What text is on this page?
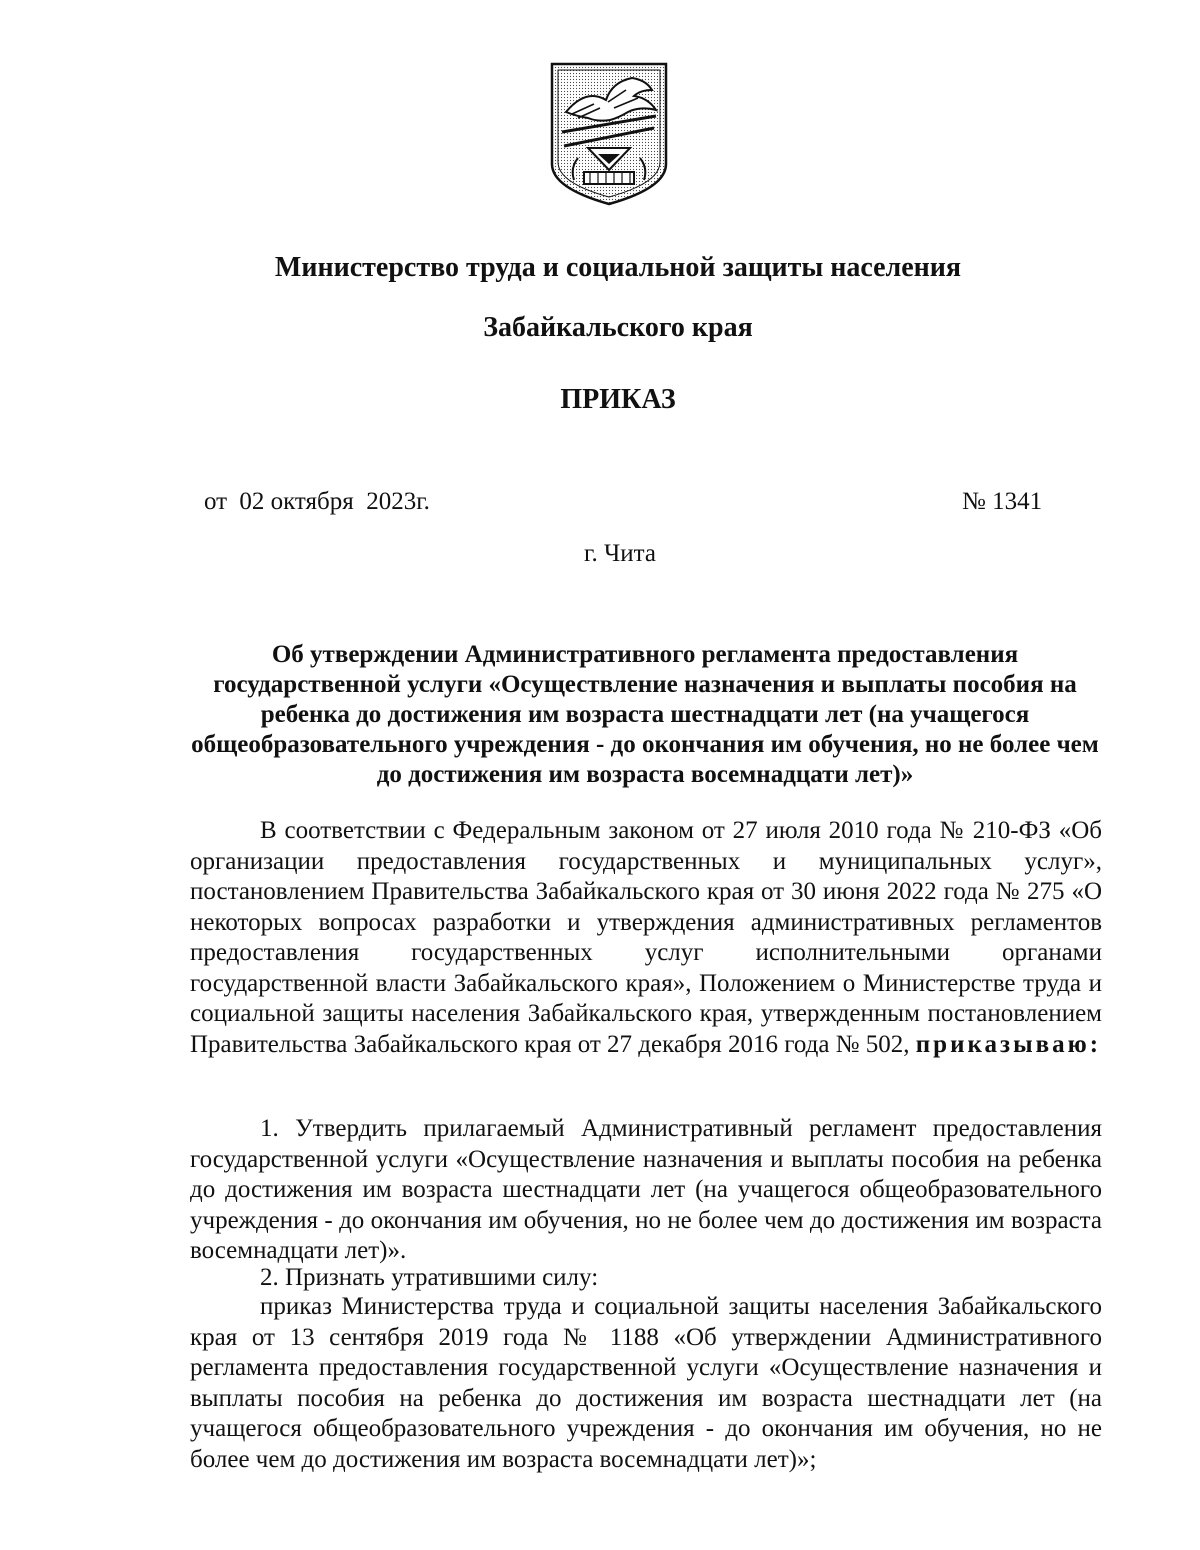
Министерство труда и социальной защиты населения
Забайкальского края
ПРИКАЗ
от 02 октября  2023г.	№ 1341
г. Чита
Об утверждении Административного регламента предоставления государственной услуги «Осуществление назначения и выплаты пособия на ребенка до достижения им возраста шестнадцати лет (на учащегося общеобразовательного учреждения - до окончания им обучения, но не более чем до достижения им возраста восемнадцати лет)»
В соответствии с Федеральным законом от 27 июля 2010 года № 210-ФЗ «Об организации предоставления государственных и муниципальных услуг», постановлением Правительства Забайкальского края от 30 июня 2022 года № 275 «О некоторых вопросах разработки и утверждения административных регламентов предоставления государственных услуг исполнительными органами государственной власти Забайкальского края», Положением о Министерстве труда и социальной защиты населения Забайкальского края, утвержденным постановлением Правительства Забайкальского края от 27 декабря 2016 года № 502, приказываю:
1. Утвердить прилагаемый Административный регламент предоставления государственной услуги «Осуществление назначения и выплаты пособия на ребенка до достижения им возраста шестнадцати лет (на учащегося общеобразовательного учреждения - до окончания им обучения, но не более чем до достижения им возраста восемнадцати лет)».
2. Признать утратившими силу:
приказ Министерства труда и социальной защиты населения Забайкальского края от 13 сентября 2019 года № 1188 «Об утверждении Административного регламента предоставления государственной услуги «Осуществление назначения и выплаты пособия на ребенка до достижения им возраста шестнадцати лет (на учащегося общеобразовательного учреждения - до окончания им обучения, но не более чем до достижения им возраста восемнадцати лет)»;
